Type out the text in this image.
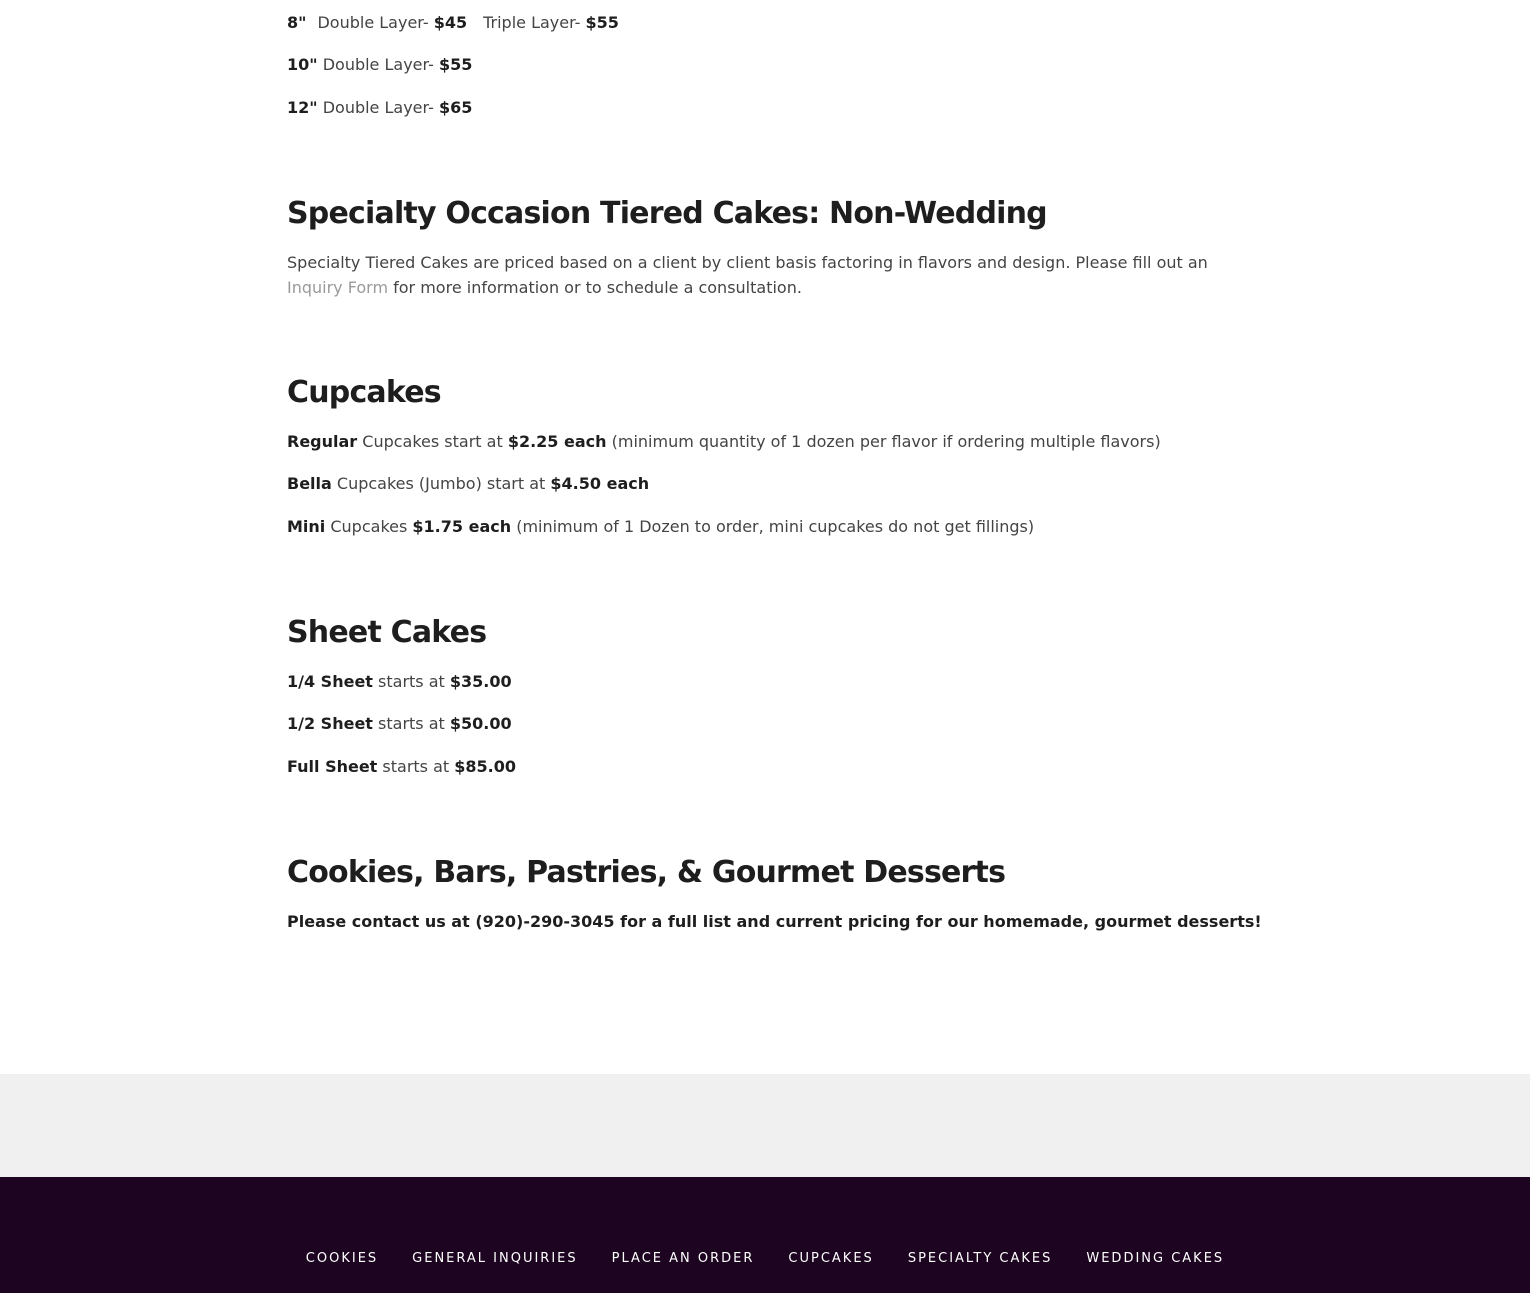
8" Double Layer- $45 Triple Layer- $55
10" Double Layer- $55
12" Double Layer- $65
Specialty Occasion Tiered Cakes: Non-Wedding
Specialty Tiered Cakes are priced based on a client by client basis factoring in flavors and design. Please fill out an Inquiry Form for more information or to schedule a consultation.
Cupcakes
Regular Cupcakes start at $2.25 each (minimum quantity of 1 dozen per flavor if ordering multiple flavors)
Bella Cupcakes (Jumbo) start at $4.50 each
Mini Cupcakes $1.75 each (minimum of 1 Dozen to order, mini cupcakes do not get fillings)
Sheet Cakes
1/4 Sheet starts at $35.00
1/2 Sheet starts at $50.00
Full Sheet starts at $85.00
Cookies, Bars, Pastries, & Gourmet Desserts
Please contact us at (920)-290-3045 for a full list and current pricing for our homemade, gourmet desserts!
COOKIES	GENERAL INQUIRIES	PLACE AN ORDER	CUPCAKES	SPECIALTY CAKES	WEDDING CAKES
